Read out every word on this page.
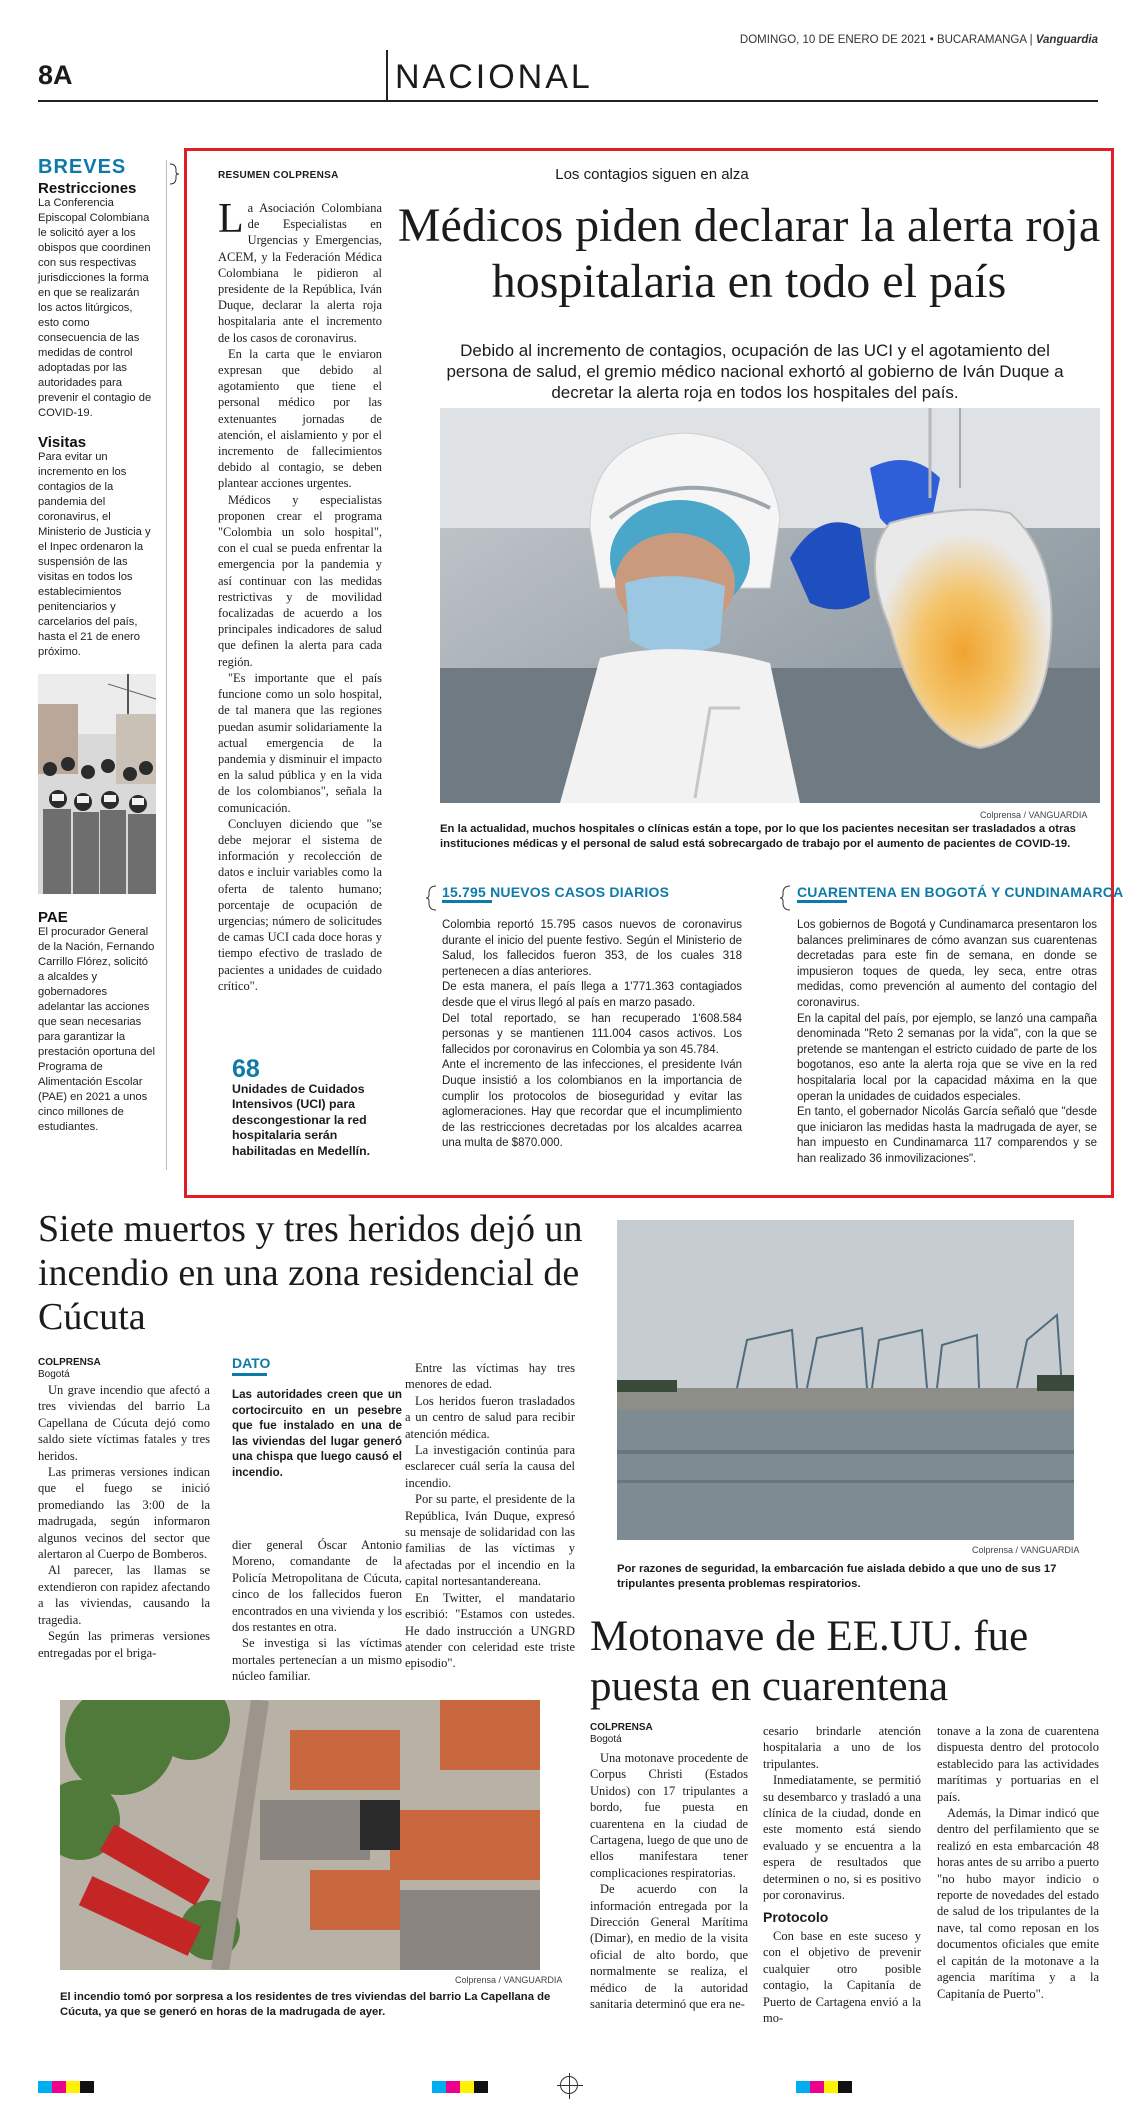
DOMINGO, 10 DE ENERO DE 2021 • BUCARAMANGA | Vanguardia
8A	NACIONAL
BREVES
Restricciones

La Conferencia Episcopal Colombiana le solicitó ayer a los obispos que coordinen con sus respectivas jurisdicciones la forma en que se realizarán los actos litúrgicos, esto como consecuencia de las medidas de control adoptadas por las autoridades para prevenir el contagio de COVID-19.

Visitas

Para evitar un incremento en los contagios de la pandemia del coronavirus, el Ministerio de Justicia y el Inpec ordenaron la suspensión de las visitas en todos los establecimientos penitenciarios y carcelarios del país, hasta el 21 de enero próximo.

PAE

El procurador General de la Nación, Fernando Carrillo Flórez, solicitó a alcaldes y gobernadores adelantar las acciones que sean necesarias para garantizar la prestación oportuna del Programa de Alimentación Escolar (PAE) en 2021 a unos cinco millones de estudiantes.

RESUMEN COLPRENSA	Los contagios siguen en alza
Médicos piden declarar la alerta roja hospitalaria en todo el país
Debido al incremento de contagios, ocupación de las UCI y el agotamiento del persona de salud, el gremio médico nacional exhortó al gobierno de Iván Duque a decretar la alerta roja en todos los hospitales del país.

La Asociación Colombiana de Especialistas en Urgencias y Emergencias, ACEM, y la Federación Médica Colombiana le pidieron al presidente de la República, Iván Duque, declarar la alerta roja hospitalaria ante el incremento de los casos de coronavirus.

En la carta que le enviaron expresan que debido al agotamiento que tiene el personal médico por las extenuantes jornadas de atención, el aislamiento y por el incremento de fallecimientos debido al contagio, se deben plantear acciones urgentes.

Médicos y especialistas proponen crear el programa "Colombia un solo hospital", con el cual se pueda enfrentar la emergencia por la pandemia y así continuar con las medidas restrictivas y de movilidad focalizadas de acuerdo a los principales indicadores de salud que definen la alerta para cada región.

"Es importante que el país funcione como un solo hospital, de tal manera que las regiones puedan asumir solidariamente la actual emergencia de la pandemia y disminuir el impacto en la salud pública y en la vida de los colombianos", señala la comunicación.

Concluyen diciendo que "se debe mejorar el sistema de información y recolección de datos e incluir variables como la oferta de talento humano; porcentaje de ocupación de urgencias; número de solicitudes de camas UCI cada doce horas y tiempo efectivo de traslado de pacientes a unidades de cuidado crítico".

Colprensa / VANGUARDIA
En la actualidad, muchos hospitales o clínicas están a tope, por lo que los pacientes necesitan ser trasladados a otras instituciones médicas y el personal de salud está sobrecargado de trabajo por el aumento de pacientes de COVID-19.
15.795 NUEVOS CASOS DIARIOS

Colombia reportó 15.795 casos nuevos de coronavirus durante el inicio del puente festivo. Según el Ministerio de Salud, los fallecidos fueron 353, de los cuales 318 pertenecen a días anteriores.

De esta manera, el país llega a 1'771.363 contagiados desde que el virus llegó al país en marzo pasado.

Del total reportado, se han recuperado 1'608.584 personas y se mantienen 111.004 casos activos. Los fallecidos por coronavirus en Colombia ya son 45.784.

Ante el incremento de las infecciones, el presidente Iván Duque insistió a los colombianos en la importancia de cumplir los protocolos de bioseguridad y evitar las aglomeraciones. Hay que recordar que el incumplimiento de las restricciones decretadas por los alcaldes acarrea una multa de $870.000.

CUARENTENA EN BOGOTÁ Y CUNDINAMARCA

Los gobiernos de Bogotá y Cundinamarca presentaron los balances preliminares de cómo avanzan sus cuarentenas decretadas para este fin de semana, en donde se impusieron toques de queda, ley seca, entre otras medidas, como prevención al aumento del contagio del coronavirus.

En la capital del país, por ejemplo, se lanzó una campaña denominada "Reto 2 semanas por la vida", con la que se pretende se mantengan el estricto cuidado de parte de los bogotanos, eso ante la alerta roja que se vive en la red hospitalaria local por la capacidad máxima en la que operan la unidades de cuidados especiales.

En tanto, el gobernador Nicolás García señaló que "desde que iniciaron las medidas hasta la madrugada de ayer, se han impuesto en Cundinamarca 117 comparendos y se han realizado 36 inmovilizaciones".

68
Unidades de Cuidados Intensivos (UCI) para descongestionar la red hospitalaria serán habilitadas en Medellín.
Siete muertos y tres heridos dejó un incendio en una zona residencial de Cúcuta
COLPRENSA
Bogotá

Un grave incendio que afectó a tres viviendas del barrio La Capellana de Cúcuta dejó como saldo siete víctimas fatales y tres heridos.

Las primeras versiones indican que el fuego se inició promediando las 3:00 de la madrugada, según informaron algunos vecinos del sector que alertaron al Cuerpo de Bomberos.

Al parecer, las llamas se extendieron con rapidez afectando a las viviendas, causando la tragedia.

Según las primeras versiones entregadas por el briga-

DATO
Las autoridades creen que un cortocircuito en un pesebre que fue instalado en una de las viviendas del lugar generó una chispa que luego causó el incendio.

dier general Óscar Antonio Moreno, comandante de la Policía Metropolitana de Cúcuta, cinco de los fallecidos fueron encontrados en una vivienda y los dos restantes en otra.

Se investiga si las víctimas mortales pertenecían a un mismo núcleo familiar.

Entre las víctimas hay tres menores de edad.

Los heridos fueron trasladados a un centro de salud para recibir atención médica.

La investigación continúa para esclarecer cuál sería la causa del incendio.

Por su parte, el presidente de la República, Iván Duque, expresó su mensaje de solidaridad con las familias de las víctimas y afectadas por el incendio en la capital nortesantandereana.

En Twitter, el mandatario escribió: "Estamos con ustedes. He dado instrucción a UNGRD atender con celeridad este triste episodio".

Colprensa / VANGUARDIA
El incendio tomó por sorpresa a los residentes de tres viviendas del barrio La Capellana de Cúcuta, ya que se generó en horas de la madrugada de ayer.
Colprensa / VANGUARDIA
Por razones de seguridad, la embarcación fue aislada debido a que uno de sus 17 tripulantes presenta problemas respiratorios.
Motonave de EE.UU. fue puesta en cuarentena
COLPRENSA
Bogotá

Una motonave procedente de Corpus Christi (Estados Unidos) con 17 tripulantes a bordo, fue puesta en cuarentena en la ciudad de Cartagena, luego de que uno de ellos manifestara tener complicaciones respiratorias.

De acuerdo con la información entregada por la Dirección General Marítima (Dimar), en medio de la visita oficial de alto bordo, que normalmente se realiza, el médico de la autoridad sanitaria determinó que era ne-

cesario brindarle atención hospitalaria a uno de los tripulantes.

Inmediatamente, se permitió su desembarco y trasladó a una clínica de la ciudad, donde en este momento está siendo evaluado y se encuentra a la espera de resultados que determinen o no, si es positivo por coronavirus.

Protocolo

Con base en este suceso y con el objetivo de prevenir cualquier otro posible contagio, la Capitanía de Puerto de Cartagena envió a la mo-

tonave a la zona de cuarentena dispuesta dentro del protocolo establecido para las actividades marítimas y portuarias en el país.

Además, la Dimar indicó que dentro del perfilamiento que se realizó en esta embarcación 48 horas antes de su arribo a puerto "no hubo mayor indicio o reporte de novedades del estado de salud de los tripulantes de la nave, tal como reposan en los documentos oficiales que emite el capitán de la motonave a la agencia marítima y a la Capitanía de Puerto".
